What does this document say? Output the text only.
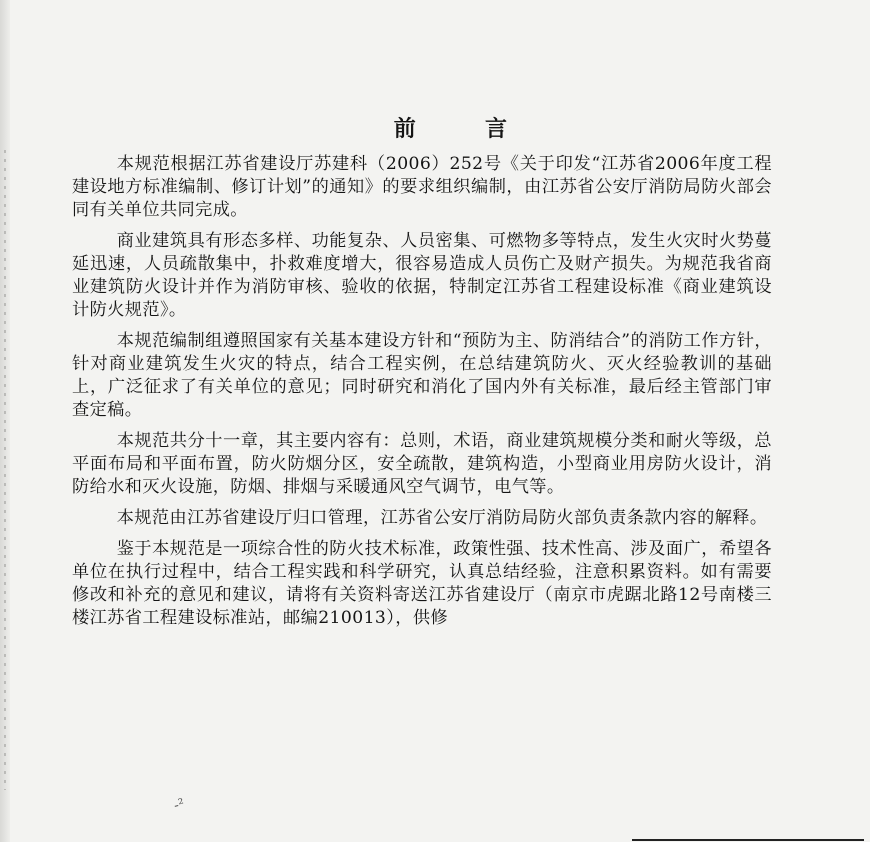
前 言

本规范根据江苏省建设厅苏建科（2006）252号《关于印发“江苏省2006年度工程建设地方标准编制、修订计划”的通知》的要求组织编制，由江苏省公安厅消防局防火部会同有关单位共同完成。

商业建筑具有形态多样、功能复杂、人员密集、可燃物多等特点，发生火灾时火势蔓延迅速，人员疏散集中，扑救难度增大，很容易造成人员伤亡及财产损失。为规范我省商业建筑防火设计并作为消防审核、验收的依据，特制定江苏省工程建设标准《商业建筑设计防火规范》。

本规范编制组遵照国家有关基本建设方针和“预防为主、防消结合”的消防工作方针，针对商业建筑发生火灾的特点，结合工程实例，在总结建筑防火、灭火经验教训的基础上，广泛征求了有关单位的意见；同时研究和消化了国内外有关标准，最后经主管部门审查定稿。

本规范共分十一章，其主要内容有：总则，术语，商业建筑规模分类和耐火等级，总平面布局和平面布置，防火防烟分区，安全疏散，建筑构造，小型商业用房防火设计，消防给水和灭火设施，防烟、排烟与采暖通风空气调节，电气等。

本规范由江苏省建设厅归口管理，江苏省公安厅消防局防火部负责条款内容的解释。

鉴于本规范是一项综合性的防火技术标准，政策性强、技术性高、涉及面广，希望各单位在执行过程中，结合工程实践和科学研究，认真总结经验，注意积累资料。如有需要修改和补充的意见和建议，请将有关资料寄送江苏省建设厅（南京市虎踞北路12号南楼三楼江苏省工程建设标准站，邮编210013），供修

-²
